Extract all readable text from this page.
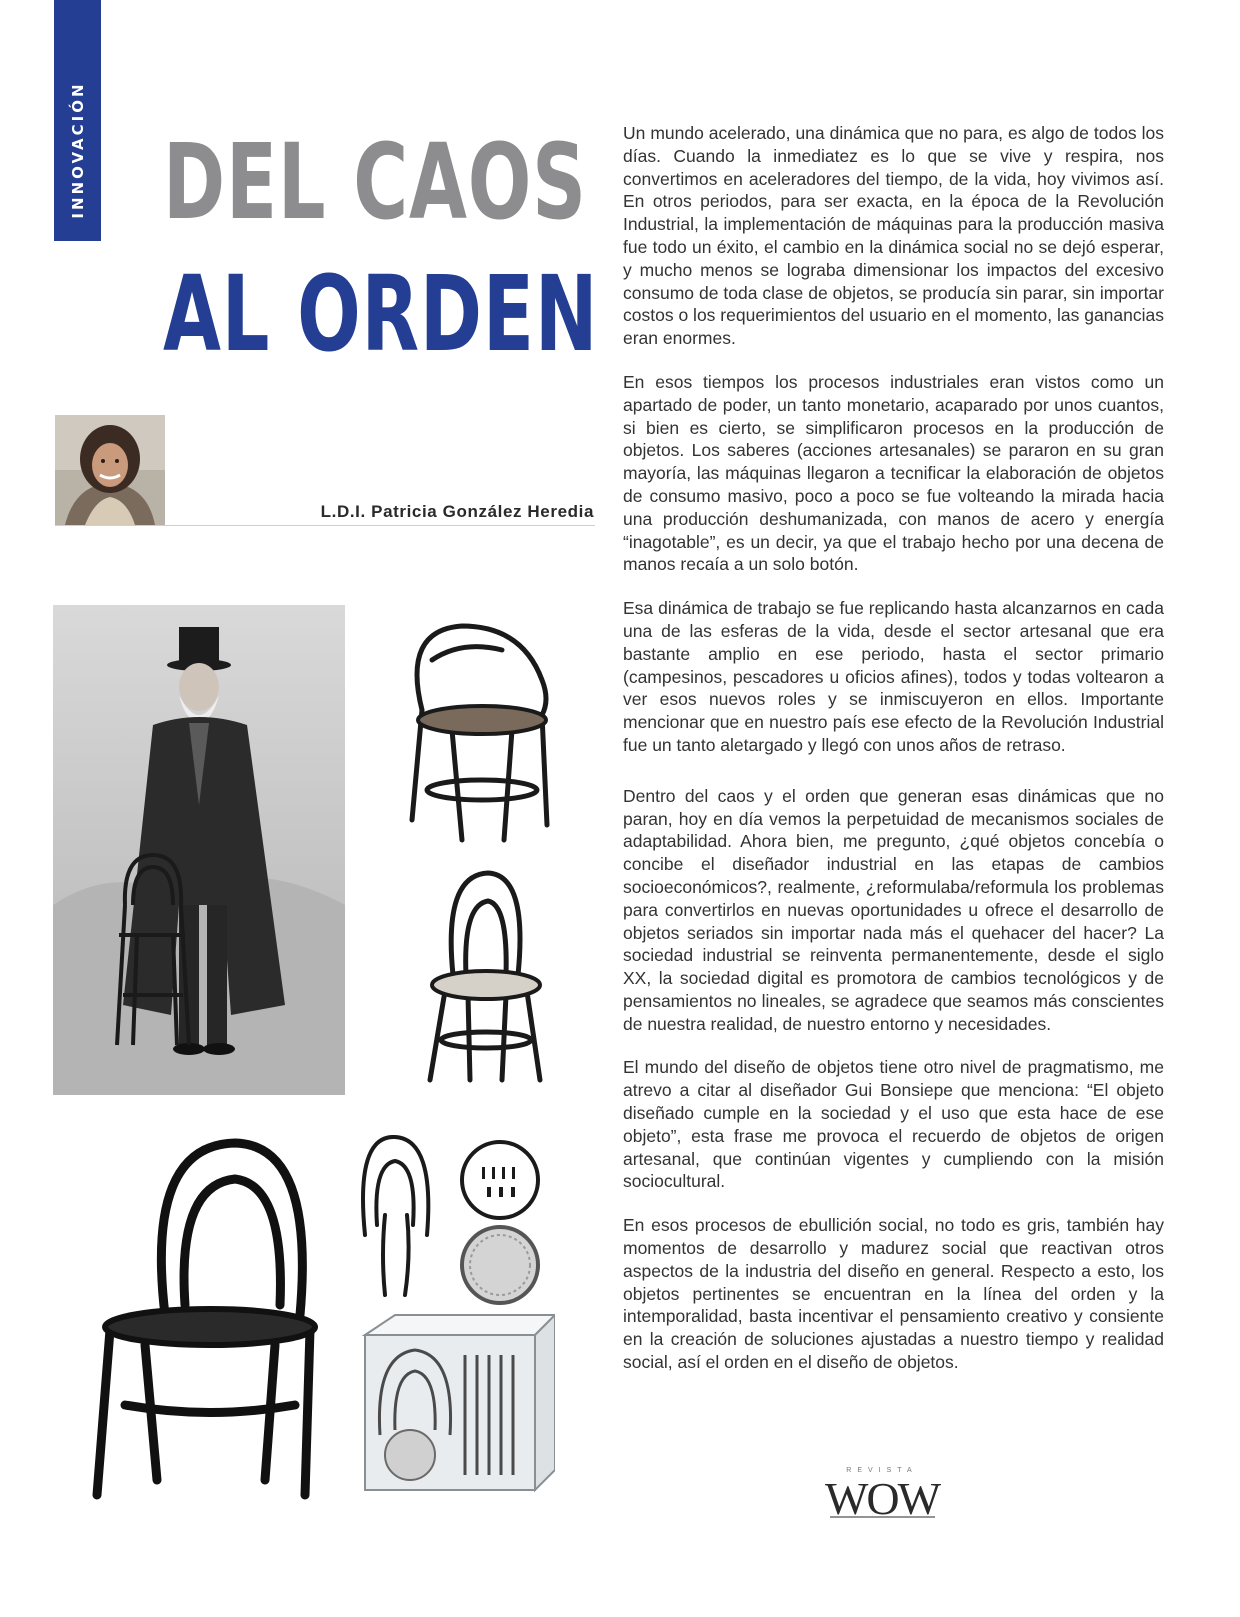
INNOVACIÓN DEL CAOS
AL ORDEN
L.D.I. Patricia González Heredia

Un mundo acelerado, una dinámica que no para, es algo de todos los días. Cuando la inmediatez es lo que se vive y respira, nos convertimos en aceleradores del tiempo, de la vida, hoy vivimos así. En otros periodos, para ser exacta, en la época de la Revolución Industrial, la implementación de máquinas para la producción masiva fue todo un éxito, el cambio en la dinámica social no se dejó esperar, y mucho menos se lograba dimensionar los impactos del excesivo consumo de toda clase de objetos, se producía sin parar, sin importar costos o los requerimientos del usuario en el momento, las ganancias eran enormes.

En esos tiempos los procesos industriales eran vistos como un apartado de poder, un tanto monetario, acaparado por unos cuantos, si bien es cierto, se simplificaron procesos en la producción de objetos. Los saberes (acciones artesanales) se pararon en su gran mayoría, las máquinas llegaron a tecnificar la elaboración de objetos de consumo masivo, poco a poco se fue volteando la mirada hacia una producción deshumanizada, con manos de acero y energía “inagotable”, es un decir, ya que el trabajo hecho por una decena de manos recaía a un solo botón.

Esa dinámica de trabajo se fue replicando hasta alcanzarnos en cada una de las esferas de la vida, desde el sector artesanal que era bastante amplio en ese periodo, hasta el sector primario (campesinos, pescadores u oficios afines), todos y todas voltearon a ver esos nuevos roles y se inmiscuyeron en ellos. Importante mencionar que en nuestro país ese efecto de la Revolución Industrial fue un tanto aletargado y llegó con unos años de retraso.

Dentro del caos y el orden que generan esas dinámicas que no paran, hoy en día vemos la perpetuidad de mecanismos sociales de adaptabilidad. Ahora bien, me pregunto, ¿qué objetos concebía o concibe el diseñador industrial en las etapas de cambios socioeconómicos?, realmente, ¿reformulaba/reformula los problemas para convertirlos en nuevas oportunidades u ofrece el desarrollo de objetos seriados sin importar nada más el quehacer del hacer? La sociedad industrial se reinventa permanentemente, desde el siglo XX, la sociedad digital es promotora de cambios tecnológicos y de pensamientos no lineales, se agradece que seamos más conscientes de nuestra realidad, de nuestro entorno y necesidades.

El mundo del diseño de objetos tiene otro nivel de pragmatismo, me atrevo a citar al diseñador Gui Bonsiepe que menciona: “El objeto diseñado cumple en la sociedad y el uso que esta hace de ese objeto”, esta frase me provoca el recuerdo de objetos de origen artesanal, que continúan vigentes y cumpliendo con la misión sociocultural.

En esos procesos de ebullición social, no todo es gris, también hay momentos de desarrollo y madurez social que reactivan otros aspectos de la industria del diseño en general. Respecto a esto, los objetos pertinentes se encuentran en la línea del orden y la intemporalidad, basta incentivar el pensamiento creativo y consiente en la creación de soluciones ajustadas a nuestro tiempo y realidad social, así el orden en el diseño de objetos.

REVISTA
WOW
